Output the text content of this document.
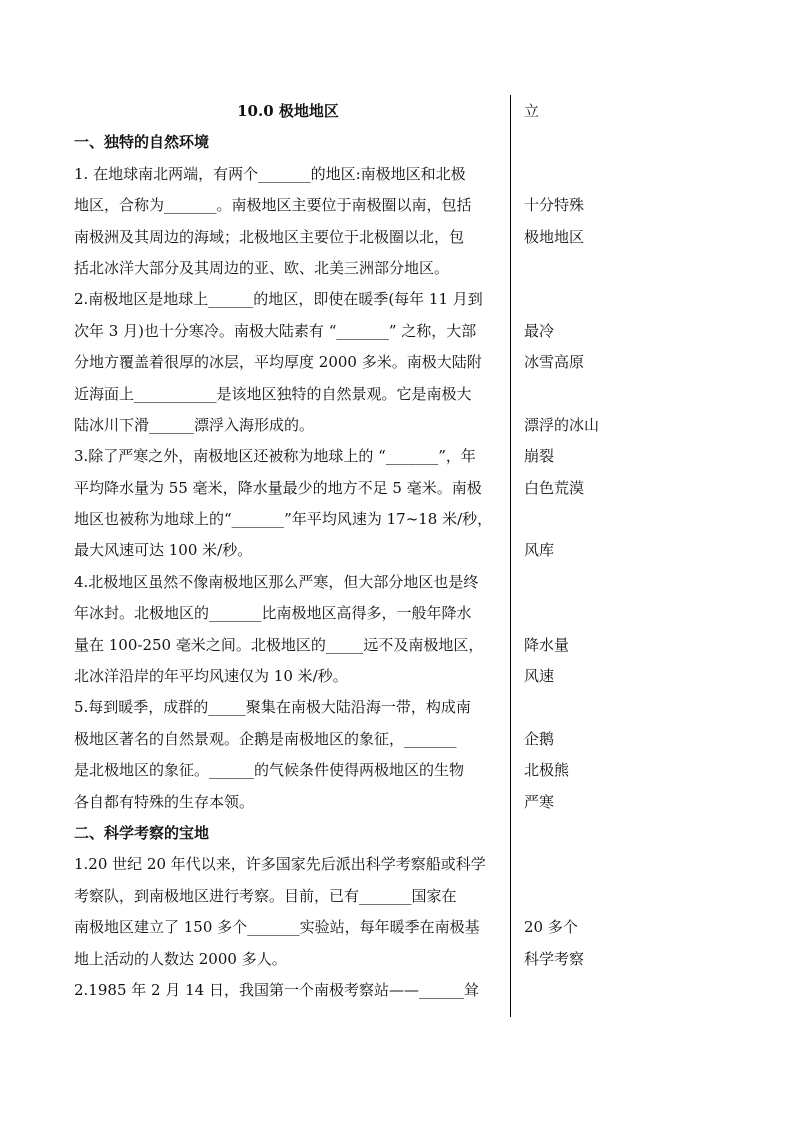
10.0 极地地区
一、独特的自然环境
1. 在地球南北两端，有两个_______的地区:南极地区和北极
地区，合称为_______。南极地区主要位于南极圈以南，包括
南极洲及其周边的海域；北极地区主要位于北极圈以北，包
括北冰洋大部分及其周边的亚、欧、北美三洲部分地区。
2.南极地区是地球上______的地区，即使在暖季(每年 11 月到
次年 3 月)也十分寒冷。南极大陆素有 “_______” 之称，大部
分地方覆盖着很厚的冰层，平均厚度 2000 多米。南极大陆附
近海面上___________是该地区独特的自然景观。它是南极大
陆冰川下滑______漂浮入海形成的。
3.除了严寒之外，南极地区还被称为地球上的 “_______”，年
平均降水量为 55 毫米，降水量最少的地方不足 5 毫米。南极
地区也被称为地球上的“_______”年平均风速为 17~18 米/秒，
最大风速可达 100 米/秒。
4.北极地区虽然不像南极地区那么严寒，但大部分地区也是终
年冰封。北极地区的_______比南极地区高得多，一般年降水
量在 100-250 毫米之间。北极地区的_____远不及南极地区，
北冰洋沿岸的年平均风速仅为 10 米/秒。
5.每到暖季，成群的_____聚集在南极大陆沿海一带，构成南
极地区著名的自然景观。企鹅是南极地区的象征，_______
是北极地区的象征。______的气候条件使得两极地区的生物
各自都有特殊的生存本领。
二、科学考察的宝地
1.20 世纪 20 年代以来，许多国家先后派出科学考察船或科学
考察队，到南极地区进行考察。目前，已有_______国家在
南极地区建立了 150 多个_______实验站，每年暖季在南极基
地上活动的人数达 2000 多人。
2.1985 年 2 月 14 日，我国第一个南极考察站——______耸
立
十分特殊
极地地区
最冷
冰雪高原
漂浮的冰山
崩裂
白色荒漠
风库
降水量
风速
企鹅
北极熊
严寒
20 多个
科学考察
